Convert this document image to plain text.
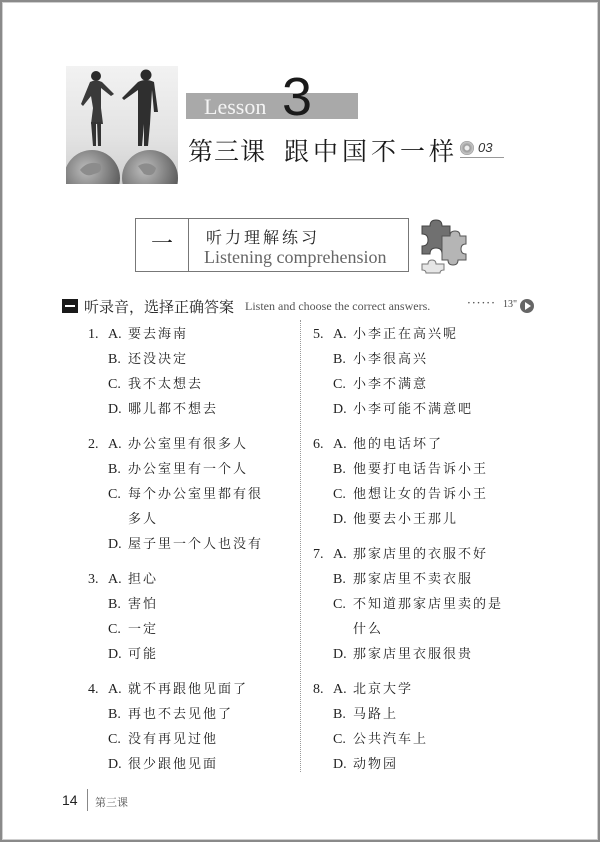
Lesson 3
第三课 跟中国不一样 03
一	听力理解练习
Listening comprehension
听录音，选择正确答案 Listen and choose the correct answers.	······ 13"
1. A. 要去海南
B. 还没决定
C. 我不太想去
D. 哪儿都不想去
2. A. 办公室里有很多人
B. 办公室里有一个人
C. 每个办公室里都有很
多人
D. 屋子里一个人也没有
3. A. 担心
B. 害怕
C. 一定
D. 可能
4. A. 就不再跟他见面了
B. 再也不去见他了
C. 没有再见过他
D. 很少跟他见面
5. A. 小李正在高兴呢
B. 小李很高兴
C. 小李不满意
D. 小李可能不满意吧
6. A. 他的电话坏了
B. 他要打电话告诉小王
C. 他想让女的告诉小王
D. 他要去小王那儿
7. A. 那家店里的衣服不好
B. 那家店里不卖衣服
C. 不知道那家店里卖的是
什么
D. 那家店里衣服很贵
8. A. 北京大学
B. 马路上
C. 公共汽车上
D. 动物园
14 第三课
